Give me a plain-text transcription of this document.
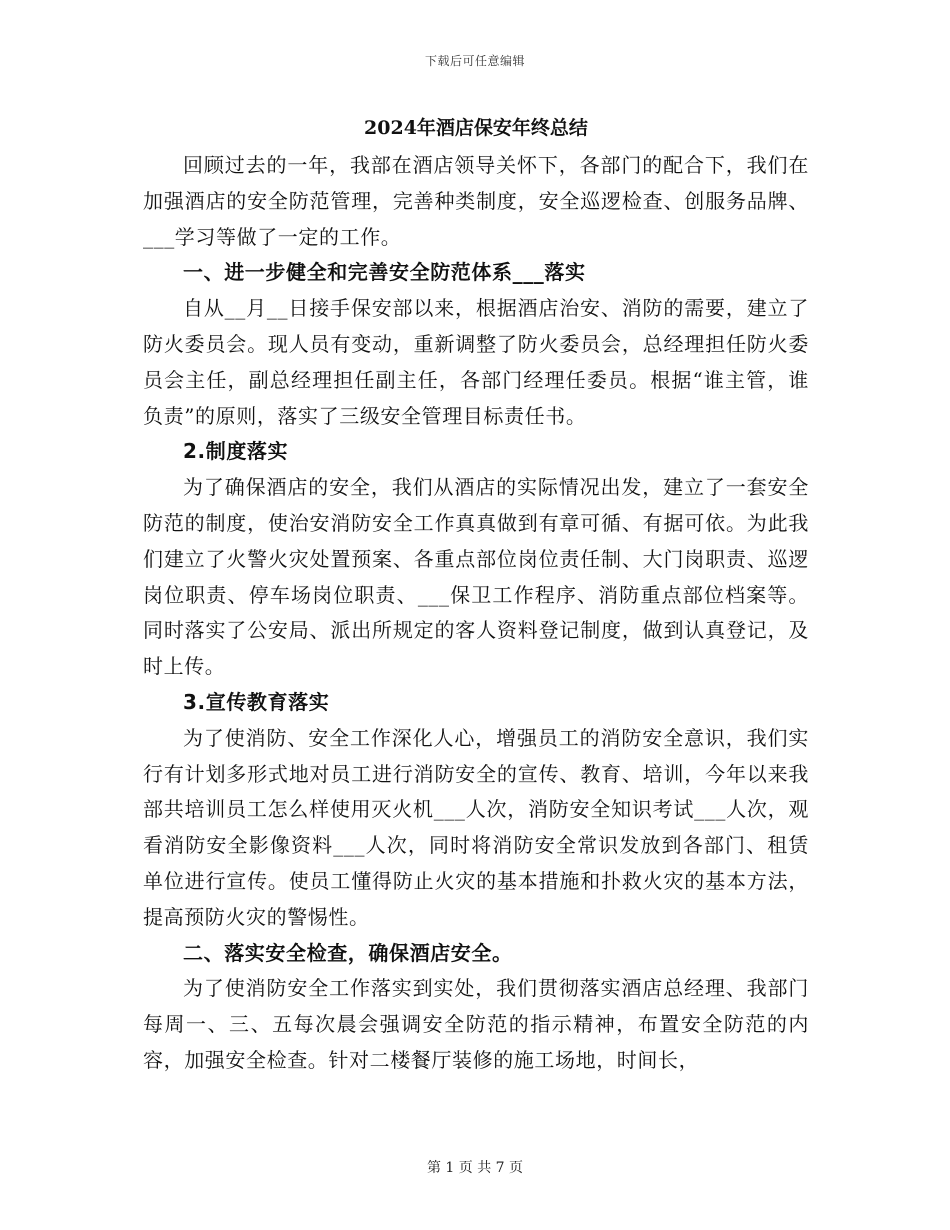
下载后可任意编辑
2024年酒店保安年终总结

回顾过去的一年，我部在酒店领导关怀下，各部门的配合下，我们在加强酒店的安全防范管理，完善种类制度，安全巡逻检查、创服务品牌、___学习等做了一定的工作。

一、进一步健全和完善安全防范体系___落实

自从__月__日接手保安部以来，根据酒店治安、消防的需要，建立了防火委员会。现人员有变动，重新调整了防火委员会，总经理担任防火委员会主任，副总经理担任副主任，各部门经理任委员。根据“谁主管，谁负责”的原则，落实了三级安全管理目标责任书。

2.制度落实

为了确保酒店的安全，我们从酒店的实际情况出发，建立了一套安全防范的制度，使治安消防安全工作真真做到有章可循、有据可依。为此我们建立了火警火灾处置预案、各重点部位岗位责任制、大门岗职责、巡逻岗位职责、停车场岗位职责、___保卫工作程序、消防重点部位档案等。同时落实了公安局、派出所规定的客人资料登记制度，做到认真登记，及时上传。

3.宣传教育落实

为了使消防、安全工作深化人心，增强员工的消防安全意识，我们实行有计划多形式地对员工进行消防安全的宣传、教育、培训，今年以来我部共培训员工怎么样使用灭火机___人次，消防安全知识考试___人次，观看消防安全影像资料___人次，同时将消防安全常识发放到各部门、租赁单位进行宣传。使员工懂得防止火灾的基本措施和扑救火灾的基本方法，提高预防火灾的警惕性。

二、落实安全检查，确保酒店安全。

为了使消防安全工作落实到实处，我们贯彻落实酒店总经理、我部门每周一、三、五每次晨会强调安全防范的指示精神，布置安全防范的内容，加强安全检查。针对二楼餐厅装修的施工场地，时间长，

第 1 页 共 7 页
